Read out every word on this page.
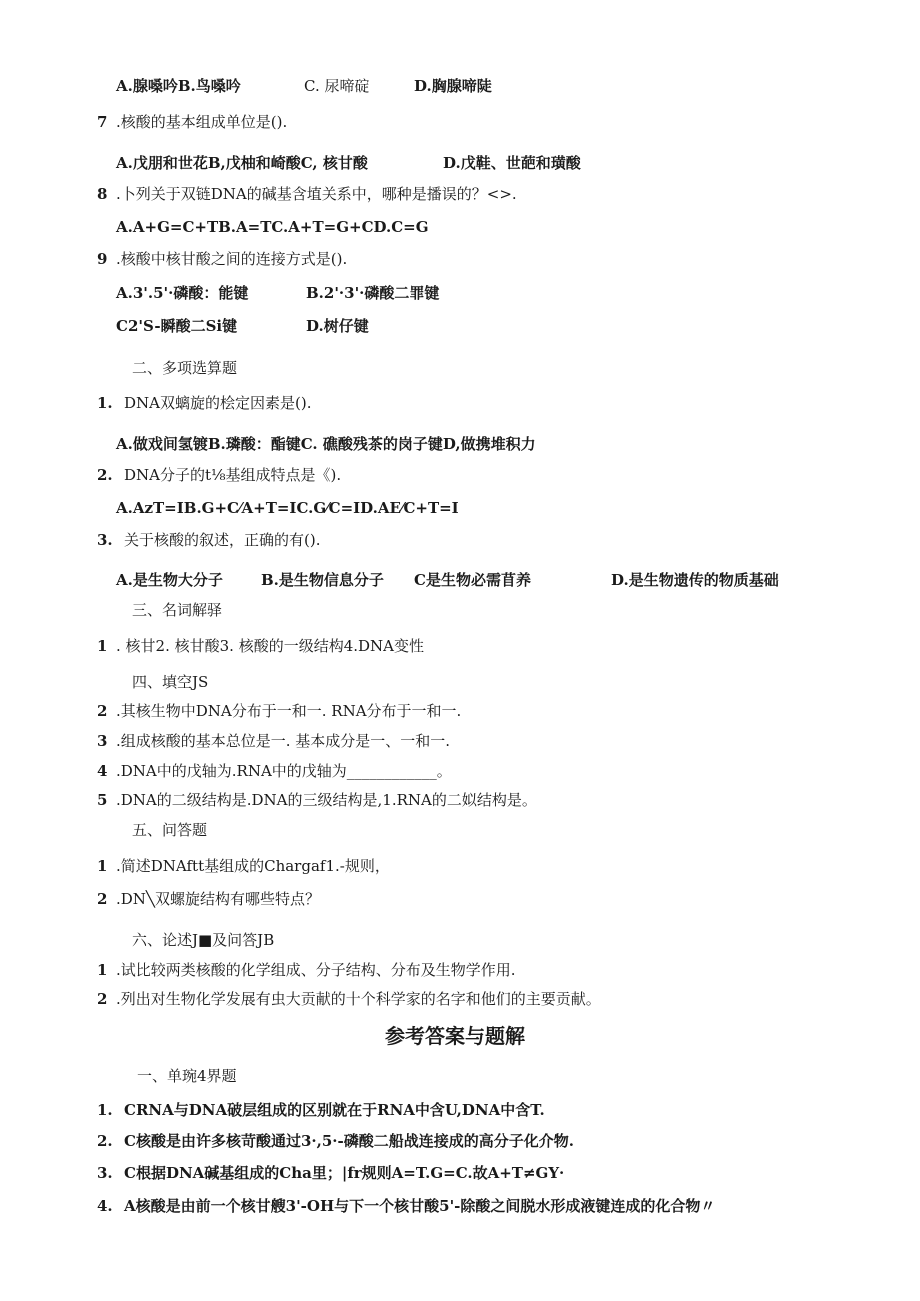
A.腺嗓吟B.鸟嗓吟	C. 尿啼碇	D.胸腺啼陡
7 .核酸的基本组成单位是().
A.戊朋和世花B,戊柚和崎酸C, 核甘酸	D.戊鞋、世葩和璜酸
8 .卜列关于双链DNA的碱基含埴关系中，哪种是播误的？<>.
A.A+G=C+TB.A=TC.A+T=G+CD.C=G
9 .核酸中核甘酸之间的连接方式是().
A.3'.5'·磷酸：能键	B.2'·3'·磷酸二罪键
C2'S-瞬酸二Si键	D.树仔键
二、多项选算题
1. DNA双螭旋的桧定因素是().
A.做戏间氢镀B.璘酸：酯键C. 礁酸残茶的岗子键D,做携堆积力
2. DNA分子的t⅛基组成特点是《).
A.AzT=IB.G+C⁄A+T=IC.G⁄C=ID.AE⁄C+T=I
3. 关于核酸的叙述，正确的有().
A.是生物大分子	B.是生物信息分子 C是生物必需苜养	D.是生物遗传的物质基础
三、名词解驿
1 . 核甘2. 核甘酸3. 核酸的一级结构4.DNA变性
四、填空JS
2 .其核生物中DNA分布于一和一. RNA分布于一和一.
3 .组成核酸的基本总位是一. 基本成分是一、一和一.
4 .DNA中的戊轴为.RNA中的戊轴为____________。
5 .DNA的二级结构是.DNA的三级结构是,1.RNA的二姒结构是。
五、问答题
1 .简述DNAftt基组成的Chargaf1.-规则，
2 .DN╲双螺旋结构有哪些特点？
六、论述J■及问答JB
1 .试比较两类核酸的化学组成、分子结构、分布及生物学作用.
2 .列出对生物化学发展有虫大贡献的十个科学家的名字和他们的主要贡献。
参考答案与题解
一、单琬4界题
1. CRNA与DNA破层组成的区别就在于RNA中含U,DNA中含T.
2. C核酸是由许多核苛酸通过3·,5·-磷酸二船战连接成的高分子化介物.
3. C根据DNA碱基组成的Cha里；|fr规则A=T.G=C.故A+T≠GY·
4. A核酸是由前一个核甘艘3'-OH与下一个核甘酸5'-除酸之间脱水形成液键连成的化合物〃
